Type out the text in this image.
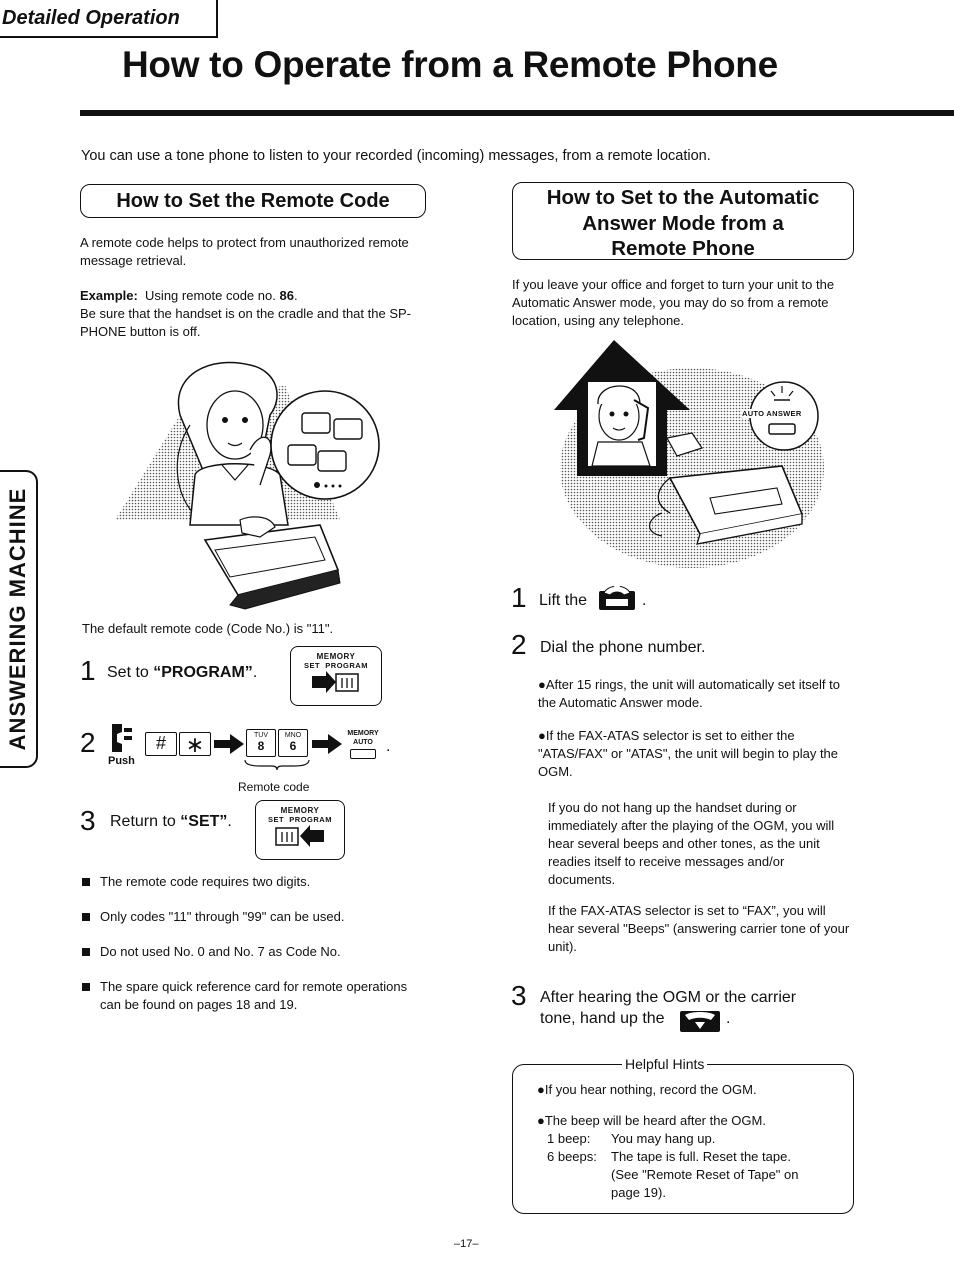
Detailed Operation
How to Operate from a Remote Phone
You can use a tone phone to listen to your recorded (incoming) messages, from a remote location.
ANSWERING MACHINE
How to Set the Remote Code
A remote code helps to protect from unauthorized remote message retrieval.
Example: Using remote code no. 86.
Be sure that the handset is on the cradle and that the SP-PHONE button is off.
The default remote code (Code No.) is "11".
1 Set to “PROGRAM”.
MEMORY
SET PROGRAM
2
Push
# ∗	TUV
8
MNO
6
MEMORY
AUTO .
Remote code
3 Return to “SET”.
MEMORY
SET PROGRAM
The remote code requires two digits.
Only codes "11" through "99" can be used.
Do not used No. 0 and No. 7 as Code No.
The spare quick reference card for remote operations can be found on pages 18 and 19.
How to Set to the Automatic
Answer Mode from a
Remote Phone
If you leave your office and forget to turn your unit to the Automatic Answer mode, you may do so from a remote location, using any telephone.
AUTO ANSWER
1 Lift the	.
2 Dial the phone number.
●After 15 rings, the unit will automatically set itself to the Automatic Answer mode.
●If the FAX-ATAS selector is set to either the "ATAS/FAX" or "ATAS", the unit will begin to play the OGM.
If you do not hang up the handset during or immediately after the playing of the OGM, you will hear several beeps and other tones, as the unit readies itself to receive messages and/or documents.
If the FAX-ATAS selector is set to “FAX”, you will hear several "Beeps" (answering carrier tone of your unit).
3 After hearing the OGM or the carrier
tone, hand up the	.
Helpful Hints
●If you hear nothing, record the OGM.
●The beep will be heard after the OGM.
1 beep: You may hang up.
6 beeps: The tape is full. Reset the tape.
(See "Remote Reset of Tape" on
page 19).
–17–
